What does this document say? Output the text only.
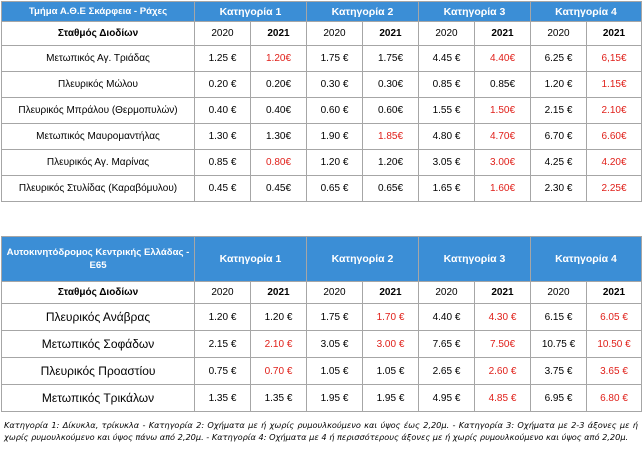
Τμήμα Α.Θ.Ε Σκάρφεια - Ράχες	Κατηγορία 1		Κατηγορία 2		Κατηγορία 3		Κατηγορία 4	
Σταθμός Διοδίων	2020	2021	2020	2021	2020	2021	2020	2021
Μετωπικός Αγ. Τριάδας	1.25 €	1.20€	1.75 €	1.75€	4.45 €	4.40€	6.25 €	6,15€
Πλευρικός Μώλου	0.20 €	0.20€	0.30 €	0.30€	0.85 €	0.85€	1.20 €	1.15€
Πλευρικός Μπράλου (Θερμοπυλών)	0.40 €	0.40€	0.60 €	0.60€	1.55 €	1.50€	2.15 €	2.10€
Μετωπικός Μαυρομαντήλας	1.30 €	1.30€	1.90 €	1.85€	4.80 €	4.70€	6.70 €	6.60€
Πλευρικός Αγ. Μαρίνας	0.85 €	0.80€	1.20 €	1.20€	3.05 €	3.00€	4.25 €	4.20€
Πλευρικός Στυλίδας (Καραβόμυλου)	0.45 €	0.45€	0.65 €	0.65€	1.65 €	1.60€	2.30 €	2.25€
Αυτοκινητόδρομος Κεντρικής Ελλάδας - Ε65	Κατηγορία 1		Κατηγορία 2		Κατηγορία 3		Κατηγορία 4	
Σταθμός Διοδίων	2020	2021	2020	2021	2020	2021	2020	2021
Πλευρικός Ανάβρας	1.20 €	1.20 €	1.75 €	1.70 €	4.40 €	4.30 €	6.15 €	6.05 €
Μετωπικός Σοφάδων	2.15 €	2.10 €	3.05 €	3.00 €	7.65 €	7.50€	10.75 €	10.50 €
Πλευρικός Προαστίου	0.75 €	0.70 €	1.05 €	1.05 €	2.65 €	2.60 €	3.75 €	3.65 €
Μετωπικός Τρικάλων	1.35 €	1.35 €	1.95 €	1.95 €	4.95 €	4.85 €	6.95 €	6.80 €
Κατηγορία 1: Δίκυκλα, τρίκυκλα - Κατηγορία 2: Οχήματα με ή χωρίς ρυμουλκούμενο και ύψος έως 2,20μ. - Κατηγορία 3: Οχήματα με 2-3 άξονες με ή χωρίς ρυμουλκούμενο και ύψος πάνω από 2,20μ. - Κατηγορία 4: Οχήματα με 4 ή περισσότερους άξονες με ή χωρίς ρυμουλκούμενο και ύψος από 2,20μ.
